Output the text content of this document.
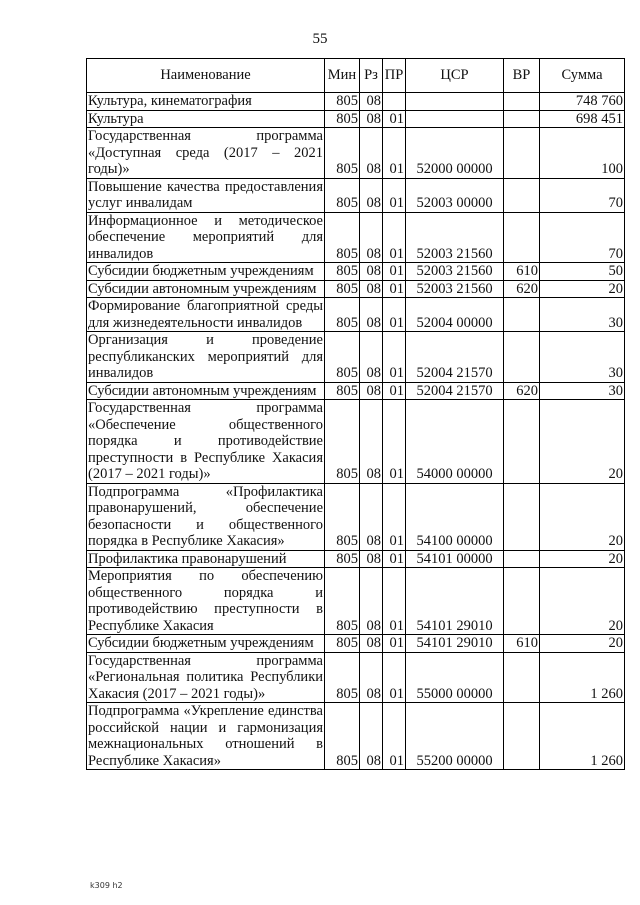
55
Наименование	Мин	Рз	ПР	ЦСР	ВР	Сумма
Культура, кинематография	805	08				748 760
Культура	805	08	01			698 451
Государственная программа «Доступная среда (2017 – 2021 годы)»	805	08	01	52000 00000		100
Повышение качества предоставления услуг инвалидам	805	08	01	52003 00000		70
Информационное и методическое обеспечение мероприятий для инвалидов	805	08	01	52003 21560		70
Субсидии бюджетным учреждениям	805	08	01	52003 21560	610	50
Субсидии автономным учреждениям	805	08	01	52003 21560	620	20
Формирование благоприятной среды для жизнедеятельности инвалидов	805	08	01	52004 00000		30
Организация и проведение республиканских мероприятий для инвалидов	805	08	01	52004 21570		30
Субсидии автономным учреждениям	805	08	01	52004 21570	620	30
Государственная программа «Обеспечение общественного порядка и противодействие преступности в Республике Хакасия (2017 – 2021 годы)»	805	08	01	54000 00000		20
Подпрограмма «Профилактика правонарушений, обеспечение безопасности и общественного порядка в Республике Хакасия»	805	08	01	54100 00000		20
Профилактика правонарушений	805	08	01	54101 00000		20
Мероприятия по обеспечению общественного порядка и противодействию преступности в Республике Хакасия	805	08	01	54101 29010		20
Субсидии бюджетным учреждениям	805	08	01	54101 29010	610	20
Государственная программа «Региональная политика Республики Хакасия (2017 – 2021 годы)»	805	08	01	55000 00000		1 260
Подпрограмма «Укрепление единства российской нации и гармонизация межнациональных отношений в Республике Хакасия»	805	08	01	55200 00000		1 260
k309 h2
